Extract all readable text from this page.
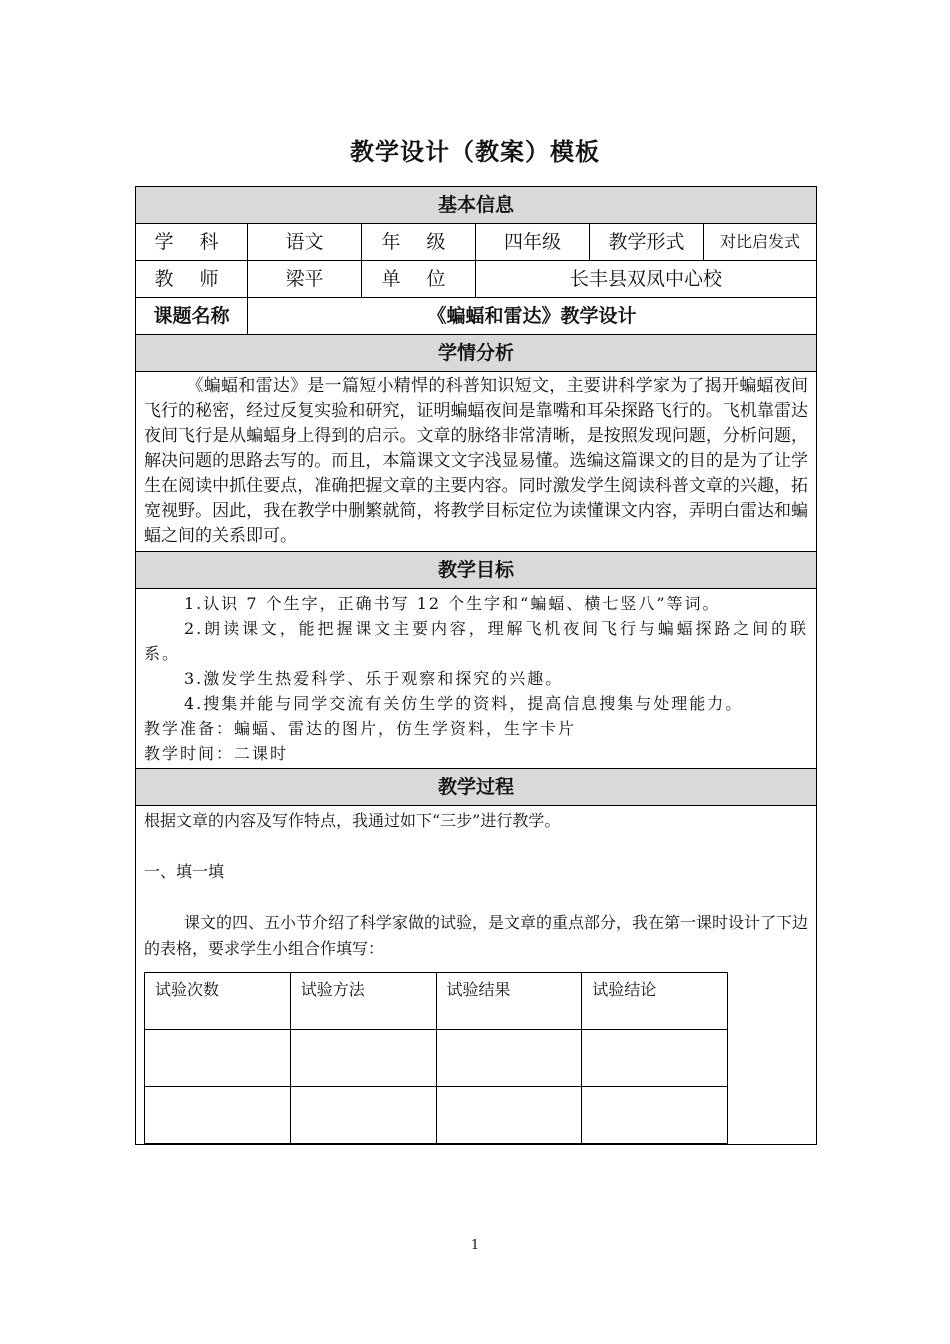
教学设计（教案）模板
基本信息
学 科	语文	年 级	四年级	教学形式	对比启发式
教 师	梁平	单 位	长丰县双凤中心校
课题名称	《蝙蝠和雷达》教学设计
学情分析

《蝙蝠和雷达》是一篇短小精悍的科普知识短文，主要讲科学家为了揭开蝙蝠夜间飞行的秘密，经过反复实验和研究，证明蝙蝠夜间是靠嘴和耳朵探路飞行的。飞机靠雷达夜间飞行是从蝙蝠身上得到的启示。文章的脉络非常清晰，是按照发现问题，分析问题，解决问题的思路去写的。而且，本篇课文文字浅显易懂。选编这篇课文的目的是为了让学生在阅读中抓住要点，准确把握文章的主要内容。同时激发学生阅读科普文章的兴趣，拓宽视野。因此，我在教学中删繁就简，将教学目标定位为读懂课文内容，弄明白雷达和蝙蝠之间的关系即可。

教学目标

1.认识 7 个生字，正确书写 12 个生字和“蝙蝠、横七竖八”等词。

2.朗读课文，能把握课文主要内容，理解飞机夜间飞行与蝙蝠探路之间的联系。

3.激发学生热爱科学、乐于观察和探究的兴趣。

4.搜集并能与同学交流有关仿生学的资料，提高信息搜集与处理能力。

教学准备：蝙蝠、雷达的图片，仿生学资料，生字卡片

教学时间：二课时

教学过程

根据文章的内容及写作特点，我通过如下“三步”进行教学。

一、填一填

课文的四、五小节介绍了科学家做的试验，是文章的重点部分，我在第一课时设计了下边的表格，要求学生小组合作填写：

试验次数	试验方法	试验结果	试验结论

1
